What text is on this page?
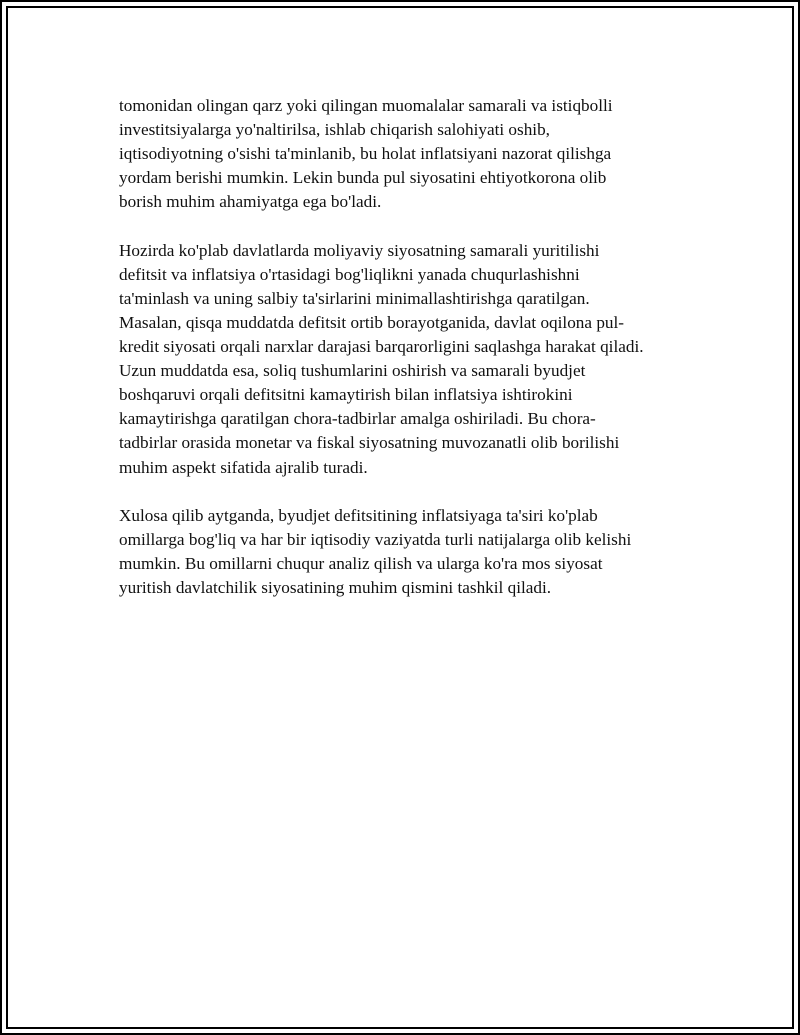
tomonidan olingan qarz yoki qilingan muomalalar samarali va istiqbolli
investitsiyalarga yo'naltirilsa, ishlab chiqarish salohiyati oshib,
iqtisodiyotning o'sishi ta'minlanib, bu holat inflatsiyani nazorat qilishga
yordam berishi mumkin. Lekin bunda pul siyosatini ehtiyotkorona olib
borish muhim ahamiyatga ega bo'ladi.

Hozirda ko'plab davlatlarda moliyaviy siyosatning samarali yuritilishi
defitsit va inflatsiya o'rtasidagi bog'liqlikni yanada chuqurlashishni
ta'minlash va uning salbiy ta'sirlarini minimallashtirishga qaratilgan.
Masalan, qisqa muddatda defitsit ortib borayotganida, davlat oqilona pul-
kredit siyosati orqali narxlar darajasi barqarorligini saqlashga harakat qiladi.
Uzun muddatda esa, soliq tushumlarini oshirish va samarali byudjet
boshqaruvi orqali defitsitni kamaytirish bilan inflatsiya ishtirokini
kamaytirishga qaratilgan chora-tadbirlar amalga oshiriladi. Bu chora-
tadbirlar orasida monetar va fiskal siyosatning muvozanatli olib borilishi
muhim aspekt sifatida ajralib turadi.

Xulosa qilib aytganda, byudjet defitsitining inflatsiyaga ta'siri ko'plab
omillarga bog'liq va har bir iqtisodiy vaziyatda turli natijalarga olib kelishi
mumkin. Bu omillarni chuqur analiz qilish va ularga ko'ra mos siyosat
yuritish davlatchilik siyosatining muhim qismini tashkil qiladi.
